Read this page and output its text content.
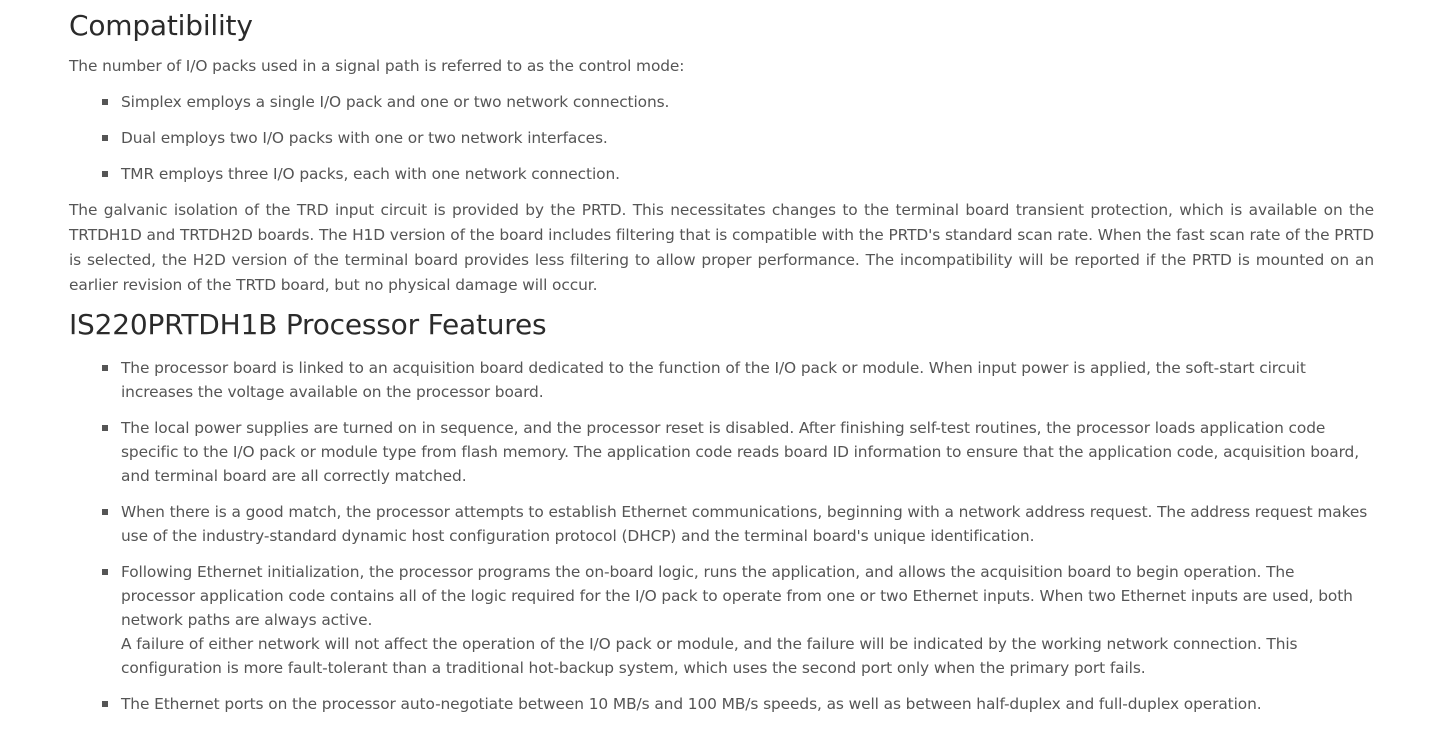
Compatibility

The number of I/O packs used in a signal path is referred to as the control mode:

Simplex employs a single I/O pack and one or two network connections.
Dual employs two I/O packs with one or two network interfaces.
TMR employs three I/O packs, each with one network connection.

The galvanic isolation of the TRD input circuit is provided by the PRTD. This necessitates changes to the terminal board transient protection, which is available on the TRTDH1D and TRTDH2D boards. The H1D version of the board includes filtering that is compatible with the PRTD's standard scan rate. When the fast scan rate of the PRTD is selected, the H2D version of the terminal board provides less filtering to allow proper performance. The incompatibility will be reported if the PRTD is mounted on an earlier revision of the TRTD board, but no physical damage will occur.

IS220PRTDH1B Processor Features
The processor board is linked to an acquisition board dedicated to the function of the I/O pack or module. When input power is applied, the soft-start circuit increases the voltage available on the processor board.
The local power supplies are turned on in sequence, and the processor reset is disabled. After finishing self-test routines, the processor loads application code specific to the I/O pack or module type from flash memory. The application code reads board ID information to ensure that the application code, acquisition board, and terminal board are all correctly matched.
When there is a good match, the processor attempts to establish Ethernet communications, beginning with a network address request. The address request makes use of the industry-standard dynamic host configuration protocol (DHCP) and the terminal board's unique identification.
Following Ethernet initialization, the processor programs the on-board logic, runs the application, and allows the acquisition board to begin operation. The processor application code contains all of the logic required for the I/O pack to operate from one or two Ethernet inputs. When two Ethernet inputs are used, both network paths are always active.
A failure of either network will not affect the operation of the I/O pack or module, and the failure will be indicated by the working network connection. This configuration is more fault-tolerant than a traditional hot-backup system, which uses the second port only when the primary port fails.
The Ethernet ports on the processor auto-negotiate between 10 MB/s and 100 MB/s speeds, as well as between half-duplex and full-duplex operation.
